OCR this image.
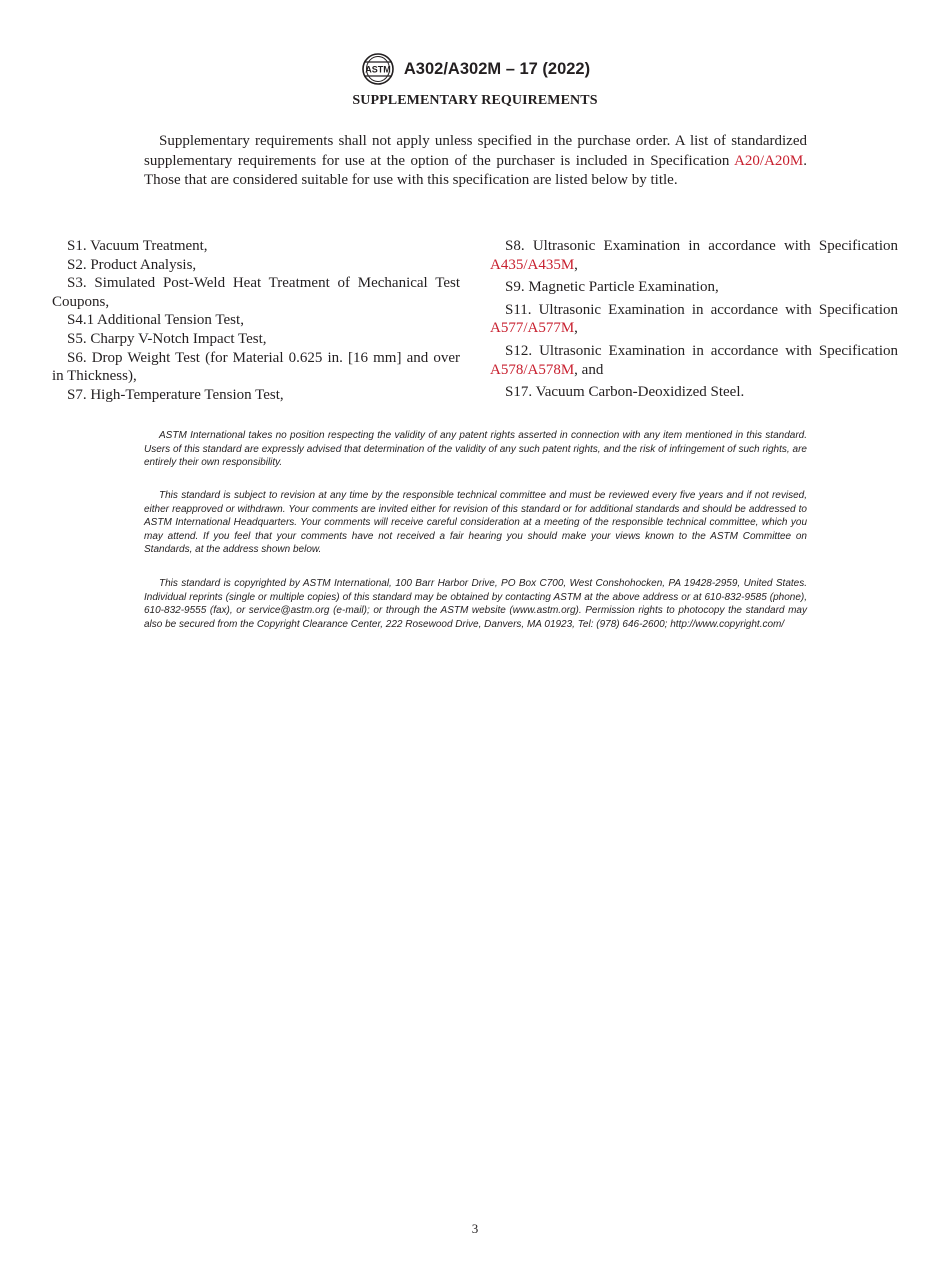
ASTM A302/A302M – 17 (2022)
SUPPLEMENTARY REQUIREMENTS

Supplementary requirements shall not apply unless specified in the purchase order. A list of standardized supplementary requirements for use at the option of the purchaser is included in Specification A20/A20M. Those that are considered suitable for use with this specification are listed below by title.

S1. Vacuum Treatment,

S2. Product Analysis,

S3. Simulated Post-Weld Heat Treatment of Mechanical Test Coupons,

S4.1 Additional Tension Test,

S5. Charpy V-Notch Impact Test,

S6. Drop Weight Test (for Material 0.625 in. [16 mm] and over in Thickness),

S7. High-Temperature Tension Test,

S8. Ultrasonic Examination in accordance with Specification A435/A435M,

S9. Magnetic Particle Examination,

S11. Ultrasonic Examination in accordance with Specification A577/A577M,

S12. Ultrasonic Examination in accordance with Specification A578/A578M, and

S17. Vacuum Carbon-Deoxidized Steel.

ASTM International takes no position respecting the validity of any patent rights asserted in connection with any item mentioned in this standard. Users of this standard are expressly advised that determination of the validity of any such patent rights, and the risk of infringement of such rights, are entirely their own responsibility.

This standard is subject to revision at any time by the responsible technical committee and must be reviewed every five years and if not revised, either reapproved or withdrawn. Your comments are invited either for revision of this standard or for additional standards and should be addressed to ASTM International Headquarters. Your comments will receive careful consideration at a meeting of the responsible technical committee, which you may attend. If you feel that your comments have not received a fair hearing you should make your views known to the ASTM Committee on Standards, at the address shown below.

This standard is copyrighted by ASTM International, 100 Barr Harbor Drive, PO Box C700, West Conshohocken, PA 19428-2959, United States. Individual reprints (single or multiple copies) of this standard may be obtained by contacting ASTM at the above address or at 610-832-9585 (phone), 610-832-9555 (fax), or service@astm.org (e-mail); or through the ASTM website (www.astm.org). Permission rights to photocopy the standard may also be secured from the Copyright Clearance Center, 222 Rosewood Drive, Danvers, MA 01923, Tel: (978) 646-2600; http://www.copyright.com/

3
